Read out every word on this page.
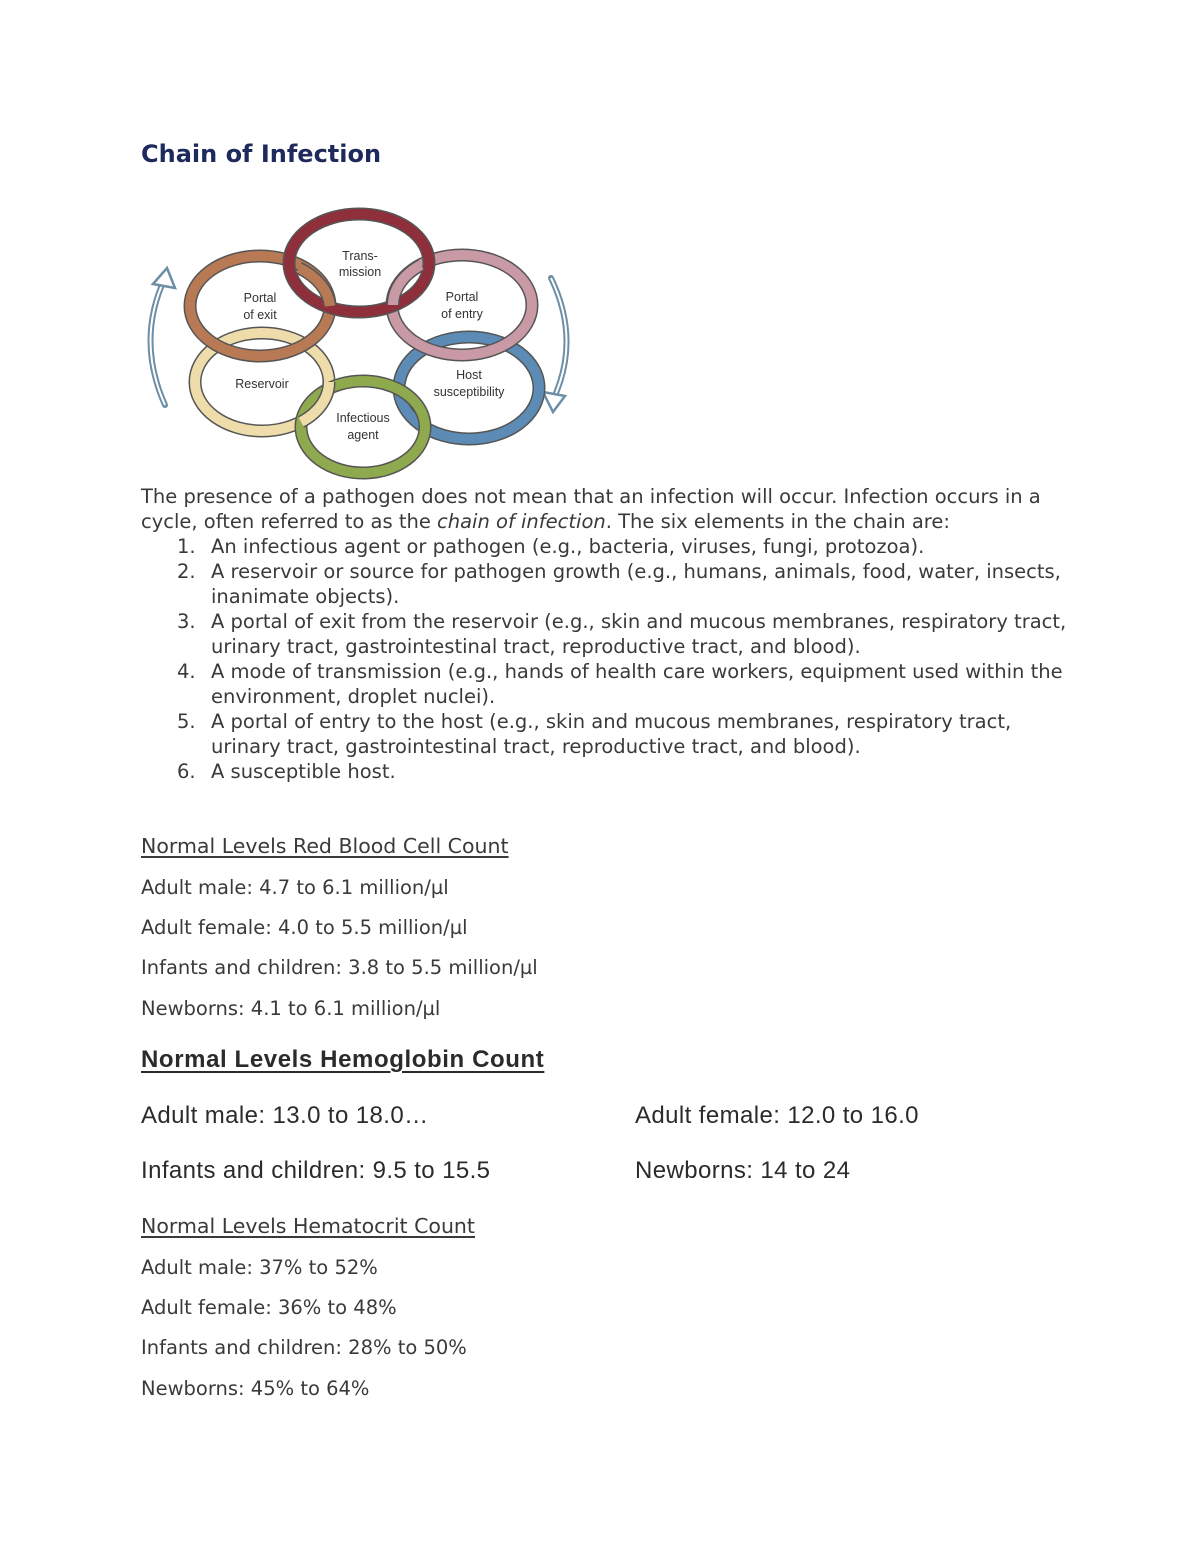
Chain of Infection
Trans-
mission
Portal
of exit
Portal
of entry
Reservoir
Host
susceptibility
Infectious
agent

The presence of a pathogen does not mean that an infection will occur. Infection occurs in a cycle, often referred to as the chain of infection. The six elements in the chain are:

1. An infectious agent or pathogen (e.g., bacteria, viruses, fungi, protozoa).
2. A reservoir or source for pathogen growth (e.g., humans, animals, food, water, insects, inanimate objects).
3. A portal of exit from the reservoir (e.g., skin and mucous membranes, respiratory tract, urinary tract, gastrointestinal tract, reproductive tract, and blood).
4. A mode of transmission (e.g., hands of health care workers, equipment used within the environment, droplet nuclei).
5. A portal of entry to the host (e.g., skin and mucous membranes, respiratory tract, urinary tract, gastrointestinal tract, reproductive tract, and blood).
6. A susceptible host.
Normal Levels Red Blood Cell Count
Adult male: 4.7 to 6.1 million/µl
Adult female: 4.0 to 5.5 million/µl
Infants and children: 3.8 to 5.5 million/µl
Newborns: 4.1 to 6.1 million/µl
Normal Levels Hemoglobin Count
Adult male: 13.0 to 18.0…	Adult female: 12.0 to 16.0
Infants and children: 9.5 to 15.5	Newborns: 14 to 24
Normal Levels Hematocrit Count
Adult male: 37% to 52%
Adult female: 36% to 48%
Infants and children: 28% to 50%
Newborns: 45% to 64%
